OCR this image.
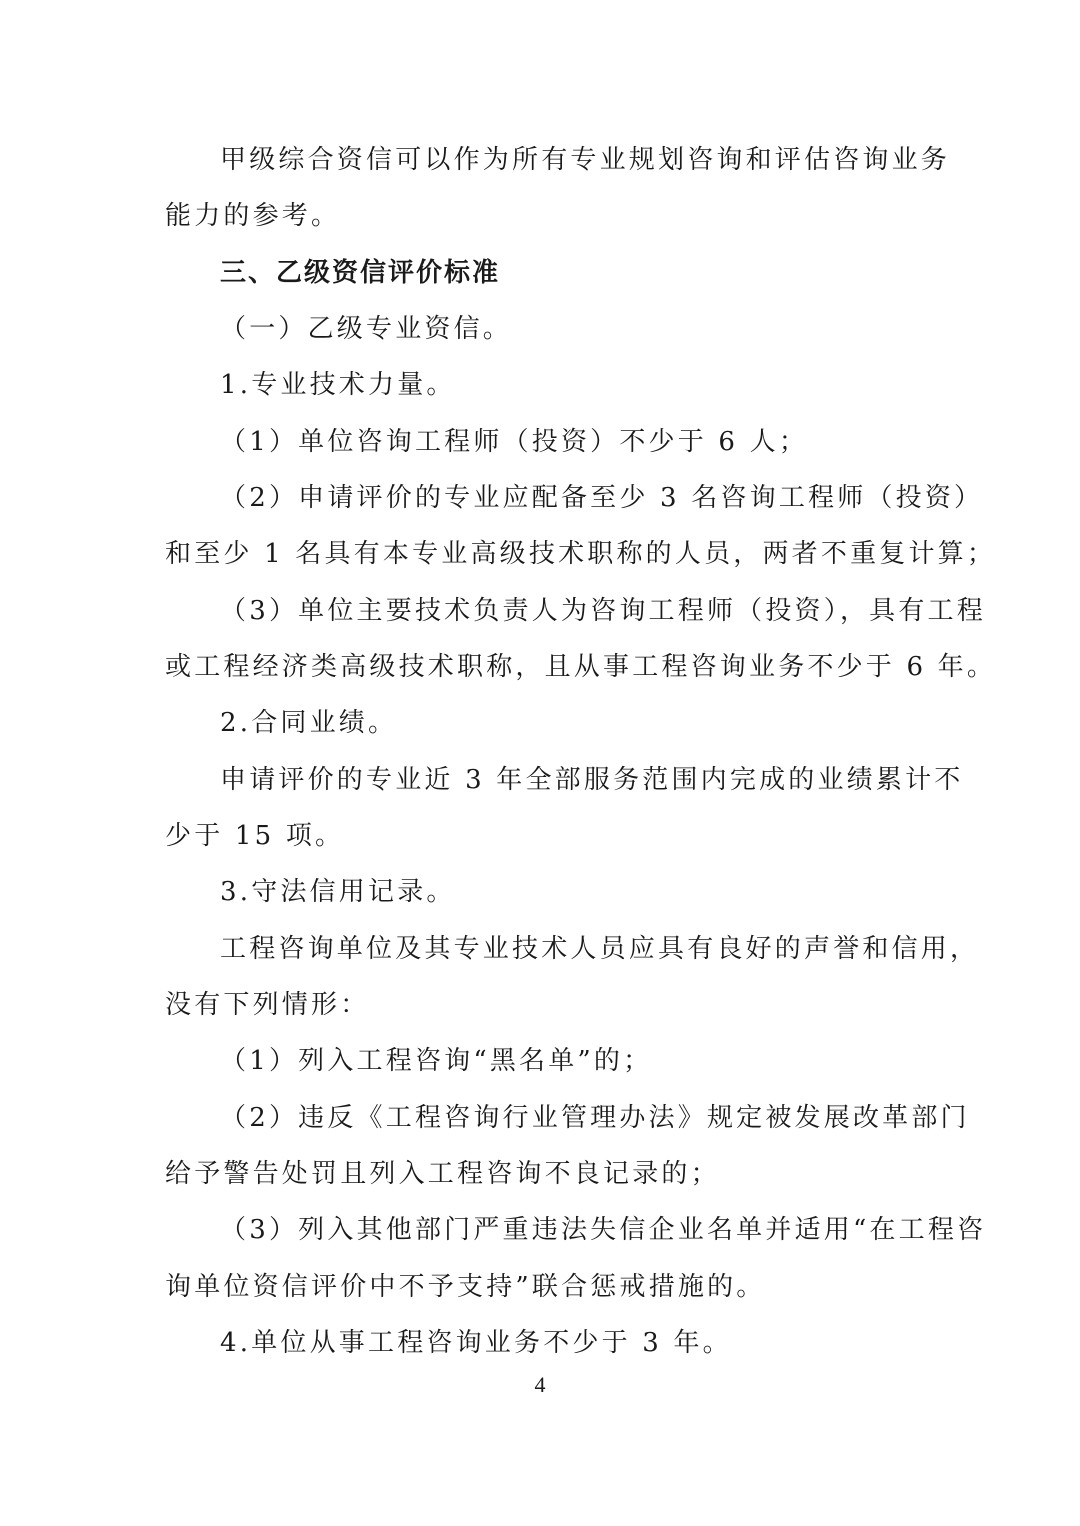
甲级综合资信可以作为所有专业规划咨询和评估咨询业务
能力的参考。
三、乙级资信评价标准
（一）乙级专业资信。
1.专业技术力量。
（1）单位咨询工程师（投资）不少于 6 人；
（2）申请评价的专业应配备至少 3 名咨询工程师（投资）
和至少 1 名具有本专业高级技术职称的人员，两者不重复计算；
（3）单位主要技术负责人为咨询工程师（投资），具有工程
或工程经济类高级技术职称，且从事工程咨询业务不少于 6 年。
2.合同业绩。
申请评价的专业近 3 年全部服务范围内完成的业绩累计不
少于 15 项。
3.守法信用记录。
工程咨询单位及其专业技术人员应具有良好的声誉和信用，
没有下列情形：
（1）列入工程咨询“黑名单”的；
（2）违反《工程咨询行业管理办法》规定被发展改革部门
给予警告处罚且列入工程咨询不良记录的；
（3）列入其他部门严重违法失信企业名单并适用“在工程咨
询单位资信评价中不予支持”联合惩戒措施的。
4.单位从事工程咨询业务不少于 3 年。
4
